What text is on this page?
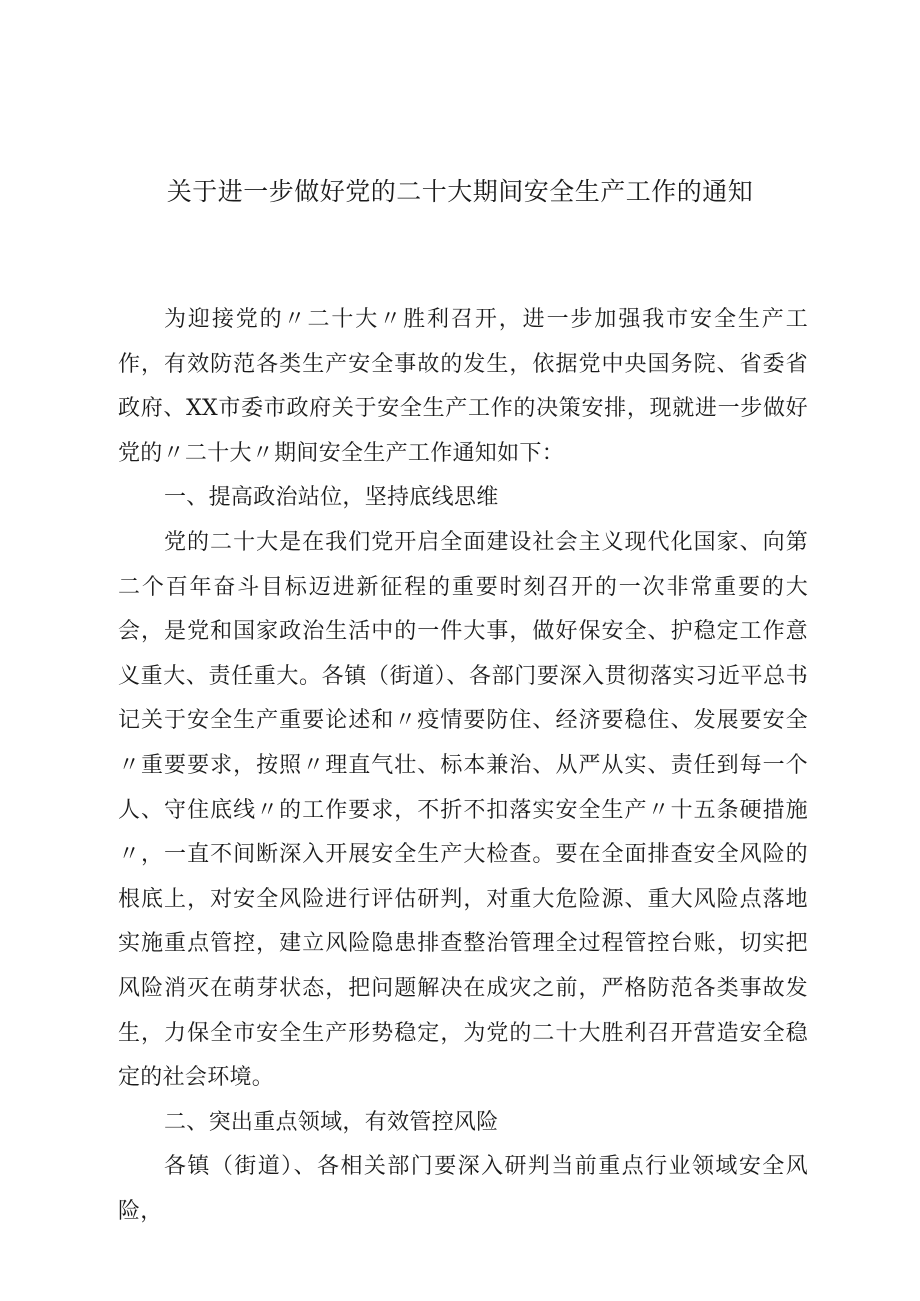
关于进一步做好党的二十大期间安全生产工作的通知

为迎接党的〃二十大〃胜利召开，进一步加强我市安全生产工作，有效防范各类生产安全事故的发生，依据党中央国务院、省委省政府、XX市委市政府关于安全生产工作的决策安排，现就进一步做好党的〃二十大〃期间安全生产工作通知如下：

一、提高政治站位，坚持底线思维

党的二十大是在我们党开启全面建设社会主义现代化国家、向第二个百年奋斗目标迈进新征程的重要时刻召开的一次非常重要的大会，是党和国家政治生活中的一件大事，做好保安全、护稳定工作意义重大、责任重大。各镇（街道）、各部门要深入贯彻落实习近平总书记关于安全生产重要论述和〃疫情要防住、经济要稳住、发展要安全〃重要要求，按照〃理直气壮、标本兼治、从严从实、责任到每一个人、守住底线〃的工作要求，不折不扣落实安全生产〃十五条硬措施〃，一直不间断深入开展安全生产大检查。要在全面排查安全风险的根底上，对安全风险进行评估研判，对重大危险源、重大风险点落地实施重点管控，建立风险隐患排查整治管理全过程管控台账，切实把风险消灭在萌芽状态，把问题解决在成灾之前，严格防范各类事故发生，力保全市安全生产形势稳定，为党的二十大胜利召开营造安全稳定的社会环境。

二、突出重点领域，有效管控风险

各镇（街道）、各相关部门要深入研判当前重点行业领域安全风险，
